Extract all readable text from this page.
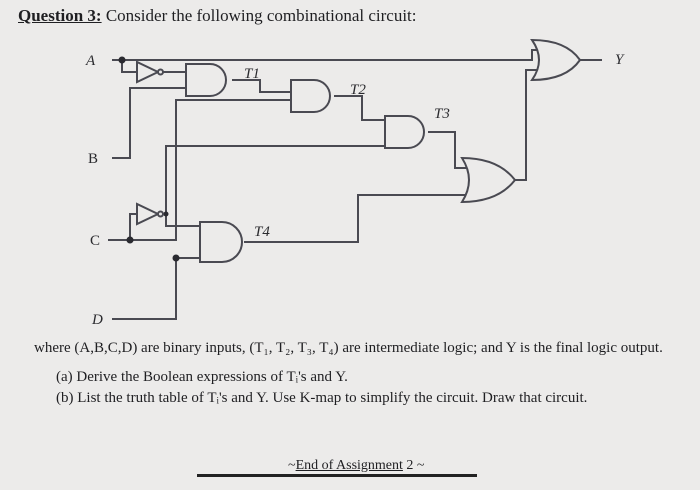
Question 3: Consider the following combinational circuit:
A
B
C
D
Y
T1
T2
T3
T4
where (A,B,C,D) are binary inputs, (T₁, T₂, T₃, T₄) are intermediate logic; and Y is the final logic output.
(a) Derive the Boolean expressions of Tᵢ's and Y.
(b) List the truth table of Tᵢ's and Y. Use K-map to simplify the circuit. Draw that circuit.
~End of Assignment 2 ~
